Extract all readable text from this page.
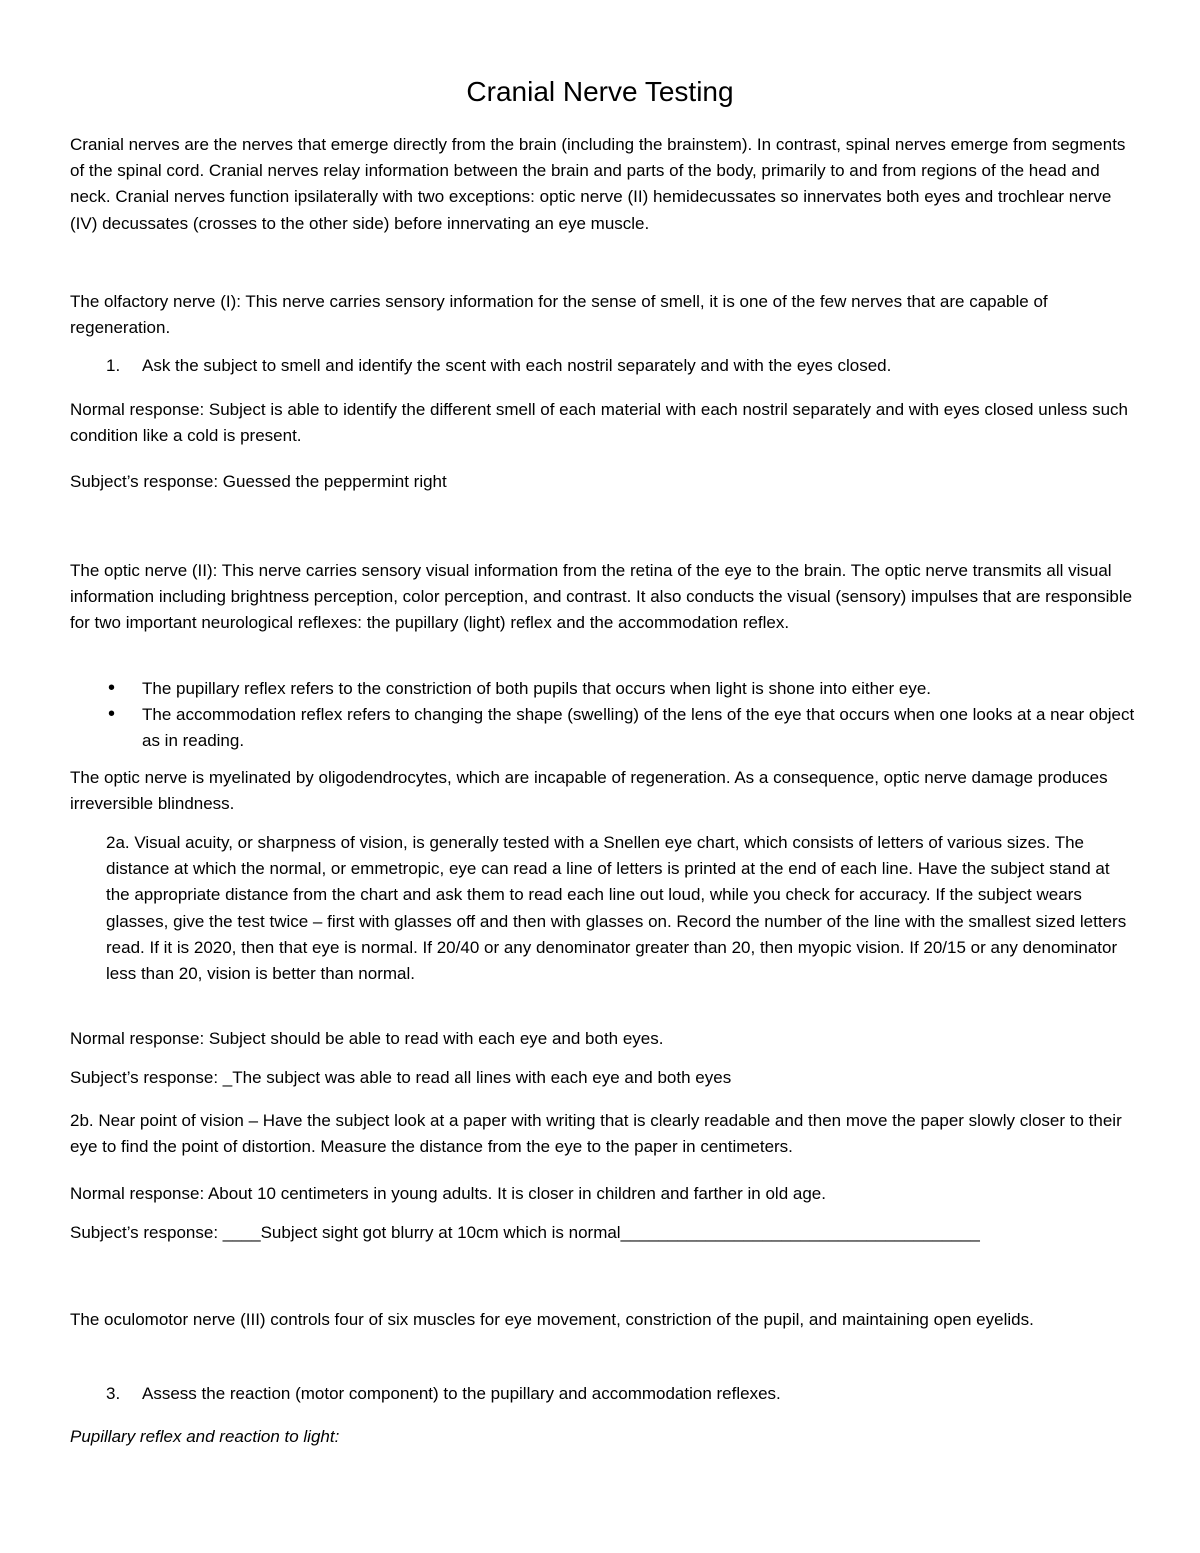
Cranial Nerve Testing

Cranial nerves are the nerves that emerge directly from the brain (including the brainstem). In contrast, spinal nerves emerge from segments of the spinal cord. Cranial nerves relay information between the brain and parts of the body, primarily to and from regions of the head and neck. Cranial nerves function ipsilaterally with two exceptions: optic nerve (II) hemidecussates so innervates both eyes and trochlear nerve (IV) decussates (crosses to the other side) before innervating an eye muscle.

The olfactory nerve (I): This nerve carries sensory information for the sense of smell, it is one of the few nerves that are capable of regeneration.

1.	Ask the subject to smell and identify the scent with each nostril separately and with the eyes closed.

Normal response: Subject is able to identify the different smell of each material with each nostril separately and with eyes closed unless such condition like a cold is present.

Subject’s response: Guessed the peppermint right

The optic nerve (II): This nerve carries sensory visual information from the retina of the eye to the brain. The optic nerve transmits all visual information including brightness perception, color perception, and contrast. It also conducts the visual (sensory) impulses that are responsible for two important neurological reflexes: the pupillary (light) reflex and the accommodation reflex.

•	The pupillary reflex refers to the constriction of both pupils that occurs when light is shone into either eye.
•	The accommodation reflex refers to changing the shape (swelling) of the lens of the eye that occurs when one looks at a near object as in reading.

The optic nerve is myelinated by oligodendrocytes, which are incapable of regeneration. As a consequence, optic nerve damage produces irreversible blindness.

2a. Visual acuity, or sharpness of vision, is generally tested with a Snellen eye chart, which consists of letters of various sizes. The distance at which the normal, or emmetropic, eye can read a line of letters is printed at the end of each line. Have the subject stand at the appropriate distance from the chart and ask them to read each line out loud, while you check for accuracy. If the subject wears glasses, give the test twice – first with glasses off and then with glasses on. Record the number of the line with the smallest sized letters read. If it is 2020, then that eye is normal. If 20/40 or any denominator greater than 20, then myopic vision. If 20/15 or any denominator less than 20, vision is better than normal.

Normal response: Subject should be able to read with each eye and both eyes.

Subject’s response: _The subject was able to read all lines with each eye and both eyes

2b. Near point of vision – Have the subject look at a paper with writing that is clearly readable and then move the paper slowly closer to their eye to find the point of distortion. Measure the distance from the eye to the paper in centimeters.

Normal response: About 10 centimeters in young adults. It is closer in children and farther in old age.

Subject’s response: ____Subject sight got blurry at 10cm which is normal______________________________________

The oculomotor nerve (III) controls four of six muscles for eye movement, constriction of the pupil, and maintaining open eyelids.

3.	Assess the reaction (motor component) to the pupillary and accommodation reflexes.

Pupillary reflex and reaction to light:
